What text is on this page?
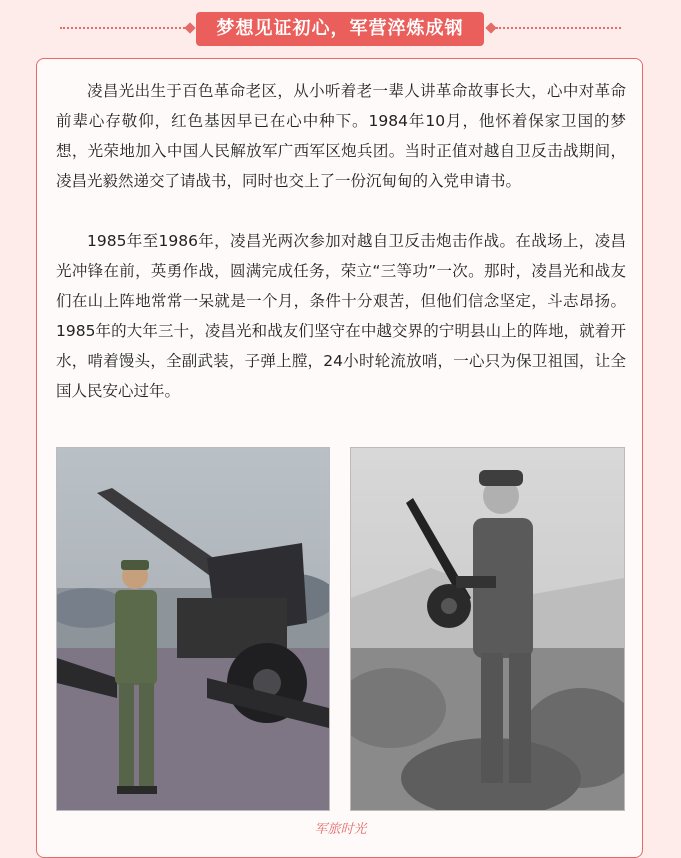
梦想见证初心，军营淬炼成钢

凌昌光出生于百色革命老区，从小听着老一辈人讲革命故事长大，心中对革命前辈心存敬仰，红色基因早已在心中种下。1984年10月，他怀着保家卫国的梦想，光荣地加入中国人民解放军广西军区炮兵团。当时正值对越自卫反击战期间，凌昌光毅然递交了请战书，同时也交上了一份沉甸甸的入党申请书。

1985年至1986年，凌昌光两次参加对越自卫反击炮击作战。在战场上，凌昌光冲锋在前，英勇作战，圆满完成任务，荣立“三等功”一次。那时，凌昌光和战友们在山上阵地常常一呆就是一个月，条件十分艰苦，但他们信念坚定，斗志昂扬。1985年的大年三十，凌昌光和战友们坚守在中越交界的宁明县山上的阵地，就着开水，啃着馒头，全副武装，子弹上膛，24小时轮流放哨，一心只为保卫祖国，让全国人民安心过年。

军旅时光
